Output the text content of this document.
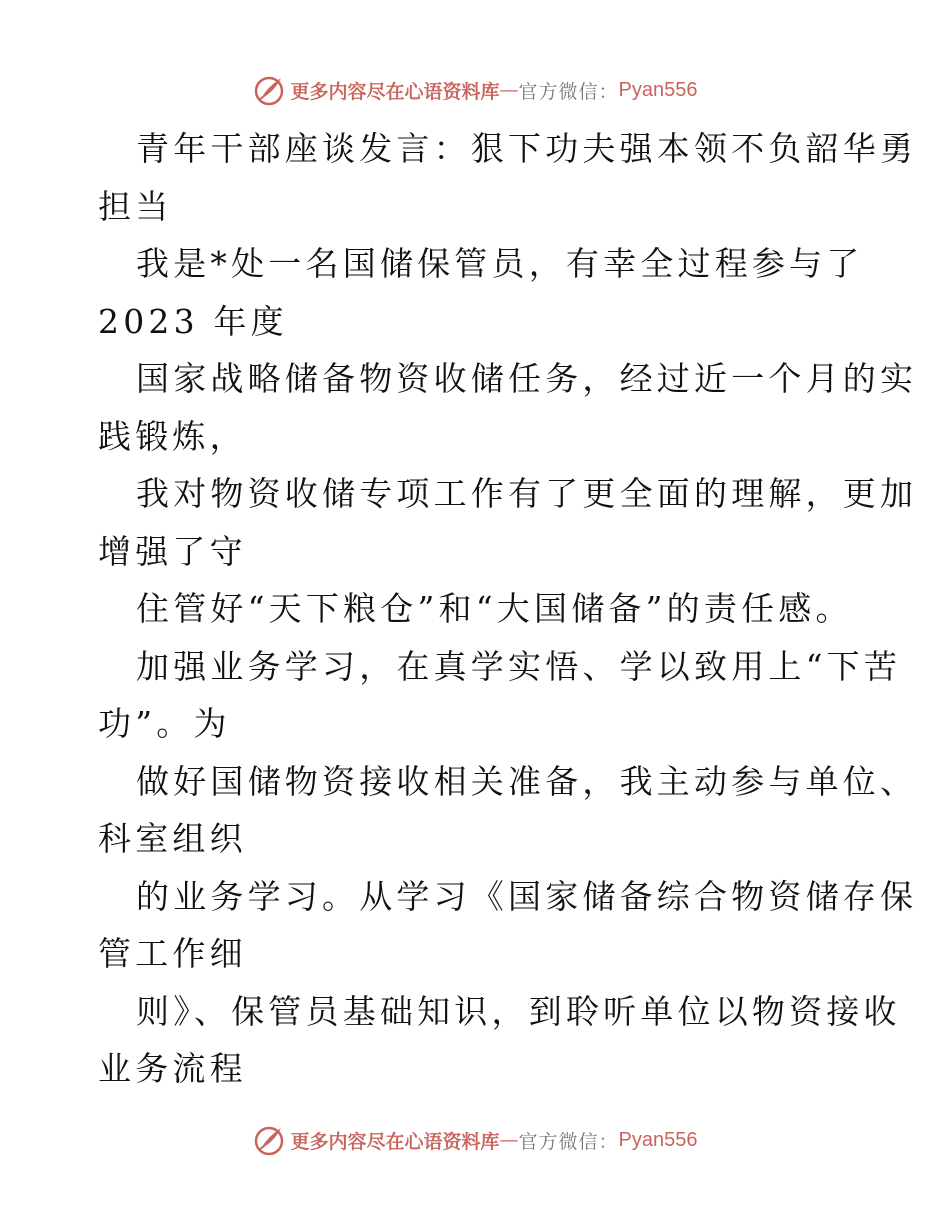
更多内容尽在心语资料库 — 官方微信： Pyan556
青年干部座谈发言：狠下功夫强本领不负韶华勇
担当
我是*处一名国储保管员，有幸全过程参与了
2023 年度
国家战略储备物资收储任务，经过近一个月的实
践锻炼，
我对物资收储专项工作有了更全面的理解，更加
增强了守
住管好“天下粮仓”和“大国储备”的责任感。
加强业务学习，在真学实悟、学以致用上“下苦
功”。为
做好国储物资接收相关准备，我主动参与单位、
科室组织
的业务学习。从学习《国家储备综合物资储存保
管工作细
则》、保管员基础知识，到聆听单位以物资接收
业务流程
更多内容尽在心语资料库 — 官方微信： Pyan556
